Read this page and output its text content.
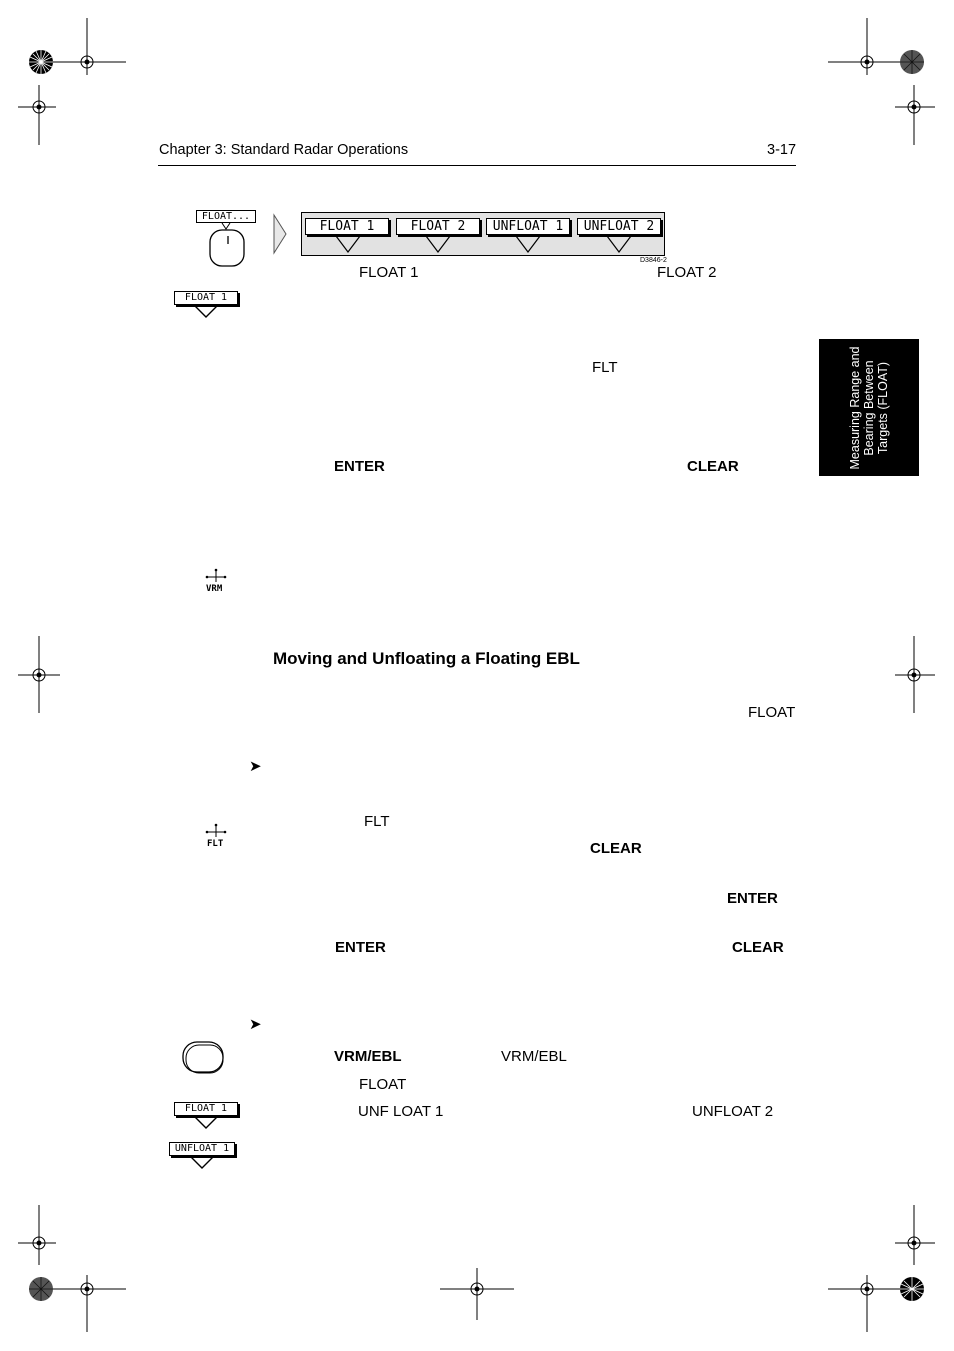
Chapter 3: Standard Radar Operations	3-17
Measuring Range and Bearing Between Targets (FLOAT)
FLOAT...
FLOAT 1	FLOAT 2	UNFLOAT 1	UNFLOAT 2
D3846-2
FLOAT 1	FLOAT 2
FLOAT 1
FLT
ENTER	CLEAR
VRM
Moving and Unfloating a Floating EBL
FLOAT
➤
FLT
FLT	CLEAR
ENTER
ENTER	CLEAR
➤
VRM/EBL	VRM/EBL
FLOAT
UNF LOAT 1	UNFLOAT 2
FLOAT 1
UNFLOAT 1
